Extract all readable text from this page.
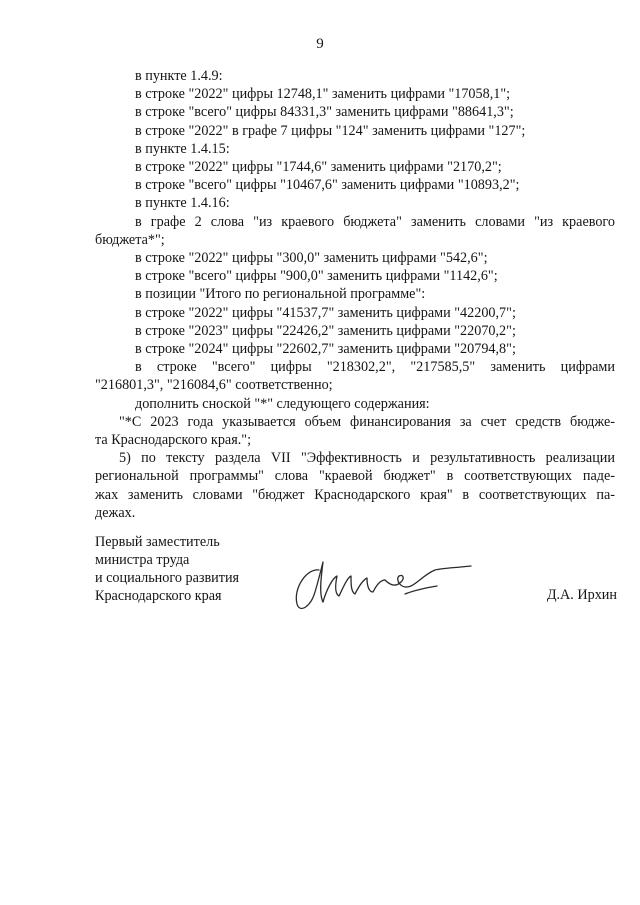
9
в пункте 1.4.9:
в строке "2022" цифры 12748,1" заменить цифрами "17058,1";
в строке "всего" цифры 84331,3" заменить цифрами "88641,3";
в строке "2022" в графе 7 цифры "124" заменить цифрами "127";
в пункте 1.4.15:
в строке "2022" цифры "1744,6" заменить цифрами "2170,2";
в строке "всего" цифры "10467,6" заменить цифрами "10893,2";
в пункте 1.4.16:
в графе 2 слова "из краевого бюджета" заменить словами "из краевого
бюджета*";
в строке "2022" цифры "300,0" заменить цифрами "542,6";
в строке "всего" цифры "900,0" заменить цифрами "1142,6";
в позиции "Итого по региональной программе":
в строке "2022" цифры "41537,7" заменить цифрами "42200,7";
в строке "2023" цифры "22426,2" заменить цифрами "22070,2";
в строке "2024" цифры "22602,7" заменить цифрами "20794,8";
в строке "всего" цифры "218302,2", "217585,5" заменить цифрами
"216801,3", "216084,6" соответственно;
дополнить сноской "*" следующего содержания:
"*С 2023 года указывается объем финансирования за счет средств бюдже-
та Краснодарского края.";
5) по тексту раздела VII "Эффективность и результативность реализации
региональной программы" слова "краевой бюджет" в соответствующих паде-
жах заменить словами "бюджет Краснодарского края" в соответствующих па-
дежах.
Первый заместитель
министра труда
и социального развития
Краснодарского края	Д.А. Ирхин
